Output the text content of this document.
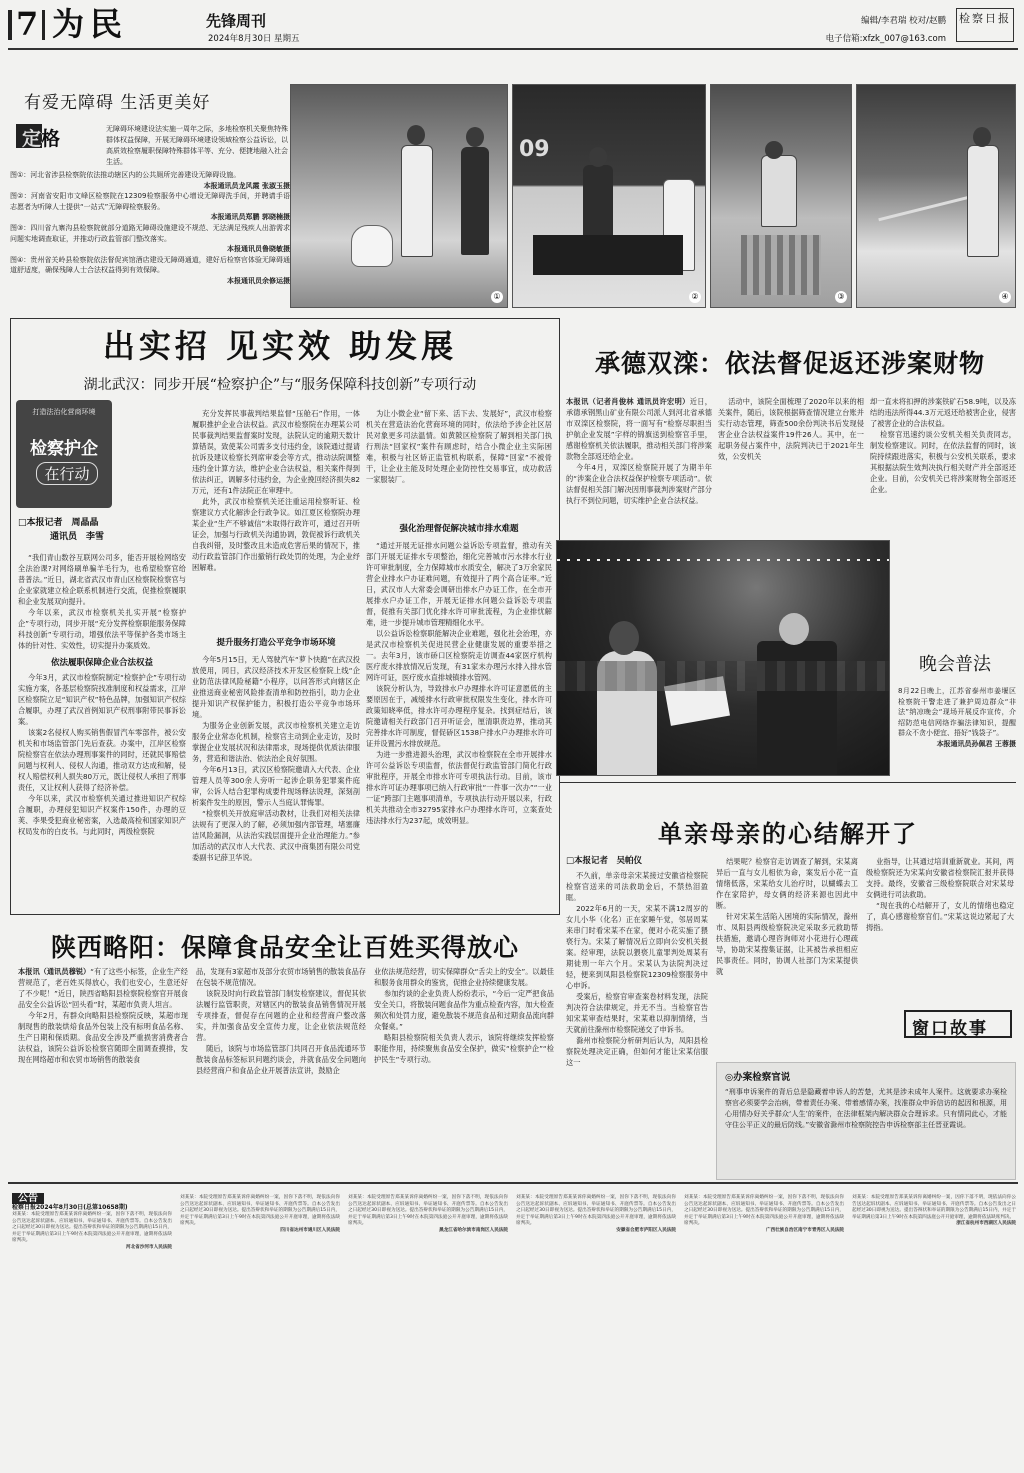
7 为民	先锋周刊
2024年8月30日 星期五
编辑/李君瑞 校对/赵鹏
电子信箱:xfzk_007@163.com
检察日报
有爱无障碍 生活更美好
定格	无障碍环境建设法实施一周年之际，多地检察机关聚焦特殊群体权益保障，开展无障碍环境建设领域检察公益诉讼，以高质效检察履职保障特殊群体平等、充分、便捷地融入社会生活。
图①：河北省涉县检察院依法推动辖区内的公共厕所完善建设无障碍设施。
本报通讯员龙风霞 张淑玉摄
图②：河南省安阳市文峰区检察院在12309检察服务中心增设无障碍洗手间，并聘请手语志愿者为听障人士提供“一站式”无障碍检察服务。
本报通讯员郑鹏 郭晓楠摄
图③：四川省九寨沟县检察院就部分道路无障碍设施建设不规范、无法满足残疾人出游需求问题实地调查取证，并推动行政监管部门整改落实。
本报通讯员鲁晓敏摄
图④：贵州省关岭县检察院依法督促宾馆酒店建设无障碍通道，建好后检察官体验无障碍通道舒适度，确保残障人士合法权益得到有效保障。
本报通讯员余修运摄
①
09
②	③	④
出实招 见实效 助发展
湖北武汉：同步开展“检察护企”与“服务保障科技创新”专项行动
打造法治化营商环境
检察护企
在行动
□本报记者　周晶晶
通讯员　李雪

“我们青山数谷互联网公司多，能否开展检网络安全法治课?对网络刷单骗羊毛行为，也希望检察官给普普法。”近日，湖北省武汉市青山区检察院检察官与企业家就建立检企联系机制进行交流，促推检察履职和企业发展双向提升。

今年以来，武汉市检察机关扎实开展“检察护企”专项行动，同步开展“充分发挥检察职能服务保障科技创新”专项行动，增强依法平等保护各类市场主体的针对性、实效性，切实提升办案质效。

依法履职保障企业合法权益

今年3月，武汉市检察院制定“检察护企”专项行动实施方案，各基层检察院找准制度和权益需求，江岸区检察院立足“知识产权”特色品牌，加强知识产权综合履职，办理了武汉首例知识产权刑事附带民事诉讼案。

该案2名侵权人购买销售假冒汽车零部件，被公安机关和市场监管部门先后查获。办案中，江岸区检察院检察官在依法办理刑事案件的同时，还就民事赔偿问题与权利人、侵权人沟通，推动双方达成和解，侵权人赔偿权利人损失80万元，既让侵权人承担了刑事责任，又让权利人获得了经济补偿。

今年以来，武汉市检察机关通过推进知识产权综合履职，办理侵犯知识产权案件150件，办理的豆荚、李果受犯商业秘密案，入选最高检和国家知识产权局发布的白皮书。与此同时，两级检察院

充分发挥民事裁判结果监督“压舱石”作用，一体履职推护企业合法权益。武汉市检察院在办理某公司民事裁判结果监督案时发现，法院认定的逾期天数计算错误，致使某公司需多支付违约金，该院通过提请抗诉及建议检察长列席审委会等方式，推动法院调整违约金计算方法，维护企业合法权益，相关案件得到依法纠正，调解多付违约金，为企业挽回经济损失82万元，还有1件法院正在审理中。

此外，武汉市检察机关还注重运用检察听证、检察建议方式化解涉企行政争议。如江夏区检察院办理某企业“生产不够诚信”未取得行政许可，通过召开听证会，加强与行政机关沟通协调，敦促被诉行政机关自我纠错，及时整改且未造成危害后果的情况下，推动行政监管部门作出撤销行政处罚的处理，为企业纾困解难。

提升服务打造公平竞争市场环境

今年5月15日，无人驾驶汽车“萝卜快跑”在武汉投放使用，同日，武汉经济技术开发区检察院上线“企业防范法律风险秘籍”小程序，以问答形式向辖区企业推送商业秘密风险排查清单和防控指引，助力企业提升知识产权保护能力，积极打造公平竞争市场环境。

为服务企业创新发展，武汉市检察机关建立走访服务企业常态化机制，检察官主动到企业走访，及时掌握企业发展状况和法律需求，现场提供优质法律服务，营造和谐法治、依法治企良好氛围。

今年6月13日，武汉区检察院邀请入大代表、企业管理人员等300余人旁听一起涉企职务犯罪案件庭审，公诉人结合犯罪构成要件现场释法说理，深刻剖析案件发生的原因，警示人当庭认罪悔罪。

“检察机关开放庭审活动教材，让我们对相关法律法规有了更深入的了解，必须加强内部管理，堵塞廉洁风险漏洞，从法治实践层面提升企业治理能力。”参加活动的武汉市人大代表、武汉中商集团有限公司党委副书记薛卫华说。

为让小微企业“留下来、活下去、发展好”，武汉市检察机关在营造法治化营商环境的同时，依法给予涉企社区居民对象更多司法温情。如黄陂区检察院了解到相关部门执行刑法“回家权”案件有顾虑时，结合小微企业主实际困难，积极与社区矫正监管机构联系，保障“回家”不被骨干，让企业主能及时处理企业防控性交易事宜，成功救活一家服装厂。

强化治理督促解决城市排水难题

“通过开展无证排水问题公益诉讼专项监督，推动有关部门开展无证排水专项整治，细化完善城市污水排水行业许可审批制度，全力保障城市水质安全，解决了3万余家民营企业排水户办证难问题，有效提升了两个高合证率。”近日，武汉市人大常委会调研出排水户办证工作，在全市开展排水户办证工作，开展无证排水问题公益诉讼专项监督，促推有关部门优化排水许可审批流程，为企业排忧解难，进一步提升城市管理精细化水平。

以公益诉讼检察职能解决企业难题，强化社会治理，亦是武汉市检察机关促进民营企业健康发展的重要举措之一。去年3月，该市硚口区检察院走访调查44家医疗机构医疗废水排放情况后发现，有31家未办理污水排入排水管网许可证，医疗废水直排城镇排水管网。

该院分析认为，导致排水户办理排水许可证意愿低的主要原因在于，减缓排水行政审批权限发生变化，排水许可政策知晓率低，排水许可办理程序复杂。找到症结后，该院邀请相关行政部门召开听证会，厘清职责边界，推动其完善排水许可制度，督促硚区1538户排水户办理排水许可证并设置污水排放规范。

为进一步推进源头治理，武汉市检察院在全市开展排水许可公益诉讼专项监督，依法督促行政监管部门简化行政审批程序，开展全市排水许可专项执法行动。目前，该市排水许可证办理事项已纳入行政审批“一件事一次办”“一业一证”跨部门主题事项清单，专项执法行动开展以来，行政机关共推动全市32795家排水户办理排水许可，立案查处违法排水行为237起，成效明显。

承德双滦：依法督促返还涉案财物
本报讯（记者肖俊林 通讯员许宏明）近日，承德承钢黑山矿业有限公司派人到河北省承德市双滦区检察院，将一面写有“检察尽职担当 护航企业发展”字样的锦旗送到检察官手里，感谢检察机关依法履职，推动相关部门将涉案款物全部返还给企业。

今年4月，双滦区检察院开展了为期半年的“涉案企业合法权益保护检察专项活动”。依法督促相关部门解决因刑事裁判涉案财产部分执行不到位问题，切实维护企业合法权益。

活动中，该院全面梳理了2020年以来的相关案件，随后，该院根据筛查情况建立台账并实行动态管理，筛查500余份判决书后发现侵害企业合法权益案件19件26人。其中，在一起职务侵占案件中，法院判决已于2021年生效，公安机关

却一直未将扣押的涉案铁矿石58.9吨，以及冻结的违法所得44.3万元返还给被害企业，侵害了被害企业的合法权益。

检察官迅速约谈公安机关相关负责同志，制发检察建议。同时，在依法监督的同时，该院持续跟进落实，积极与公安机关联系，要求其根据法院生效判决执行相关财产并全部返还企业。目前，公安机关已将涉案财物全部返还企业。

晚会普法
8月22日晚上，江苏省泰州市姜堰区检察院干警走进了兼护周边群众“非法”纳凉晚会“现场开展反诈宣传，介绍防范电信网络诈骗法律知识，提醒群众不贪小便宜、捂好“钱袋子”。
本报通讯员孙佩君 王蓉摄
单亲母亲的心结解开了
□本报记者　吴帕仪

不久前，单亲母亲宋某接过安徽省检察院检察官送来的司法救助金后，不禁热泪盈眶。

2022年6月的一天，宋某不满12周岁的女儿小华（化名）正在家睡午觉，邻居周某来串门时看宋某不在家，便对小花实施了猥亵行为。宋某了解情况后立即向公安机关报案。经审理，法院以猥亵儿童罪判处周某有期徒刑一年六个月。宋某认为法院判决过轻，便来到凤阳县检察院12309检察服务中心申诉。

受案后，检察官审查案卷材料发现，法院判决符合法律规定，并无不当。当检察官告知宋某审查结果时，宋某难以抑制情绪，当天就前往滁州市检察院递交了申诉书。

滁州市检察院分析研判后认为，凤阳县检察院处理决定正确，但如何才能让宋某信服这一

结果呢？检察官走访调查了解到，宋某离异后一直与女儿相依为命，案发后小花一直情绪低落，宋某给女儿治疗时，以蝴蝶去工作在家陪护，母女俩的经济来源也因此中断。

针对宋某生活陷入困境的实际情况，滁州市、凤阳县两级检察院决定采取多元救助帮扶措施，邀请心理咨询师对小花进行心理疏导，协助宋某搜集证据，让其被告承担相应民事责任。同时，协调人社部门为宋某提供就

业指导，让其通过培训重新就业。其间，两级检察院还为宋某向安徽省检察院汇报并获得支持。最终，安徽省三级检察院联合对宋某母女俩进行司法救助。

“现在我的心结解开了，女儿的情绪也稳定了，真心感谢检察官们。”宋某这说边紧起了大拇指。

窗口故事
◎办案检察官说
“刑事申诉案件的背后总是隐藏着申诉人的苦楚，尤其是涉未成年人案件。这就要求办案检察官必须要学会治病，带着责任办案、带着感情办案，找准群众申诉信访的起因和根源，用心用情办好关乎群众‘人生’的案件，在法律框架内解决群众合理诉求。只有情同此心，才能守住公平正义的最后防线。”安徽省滁州市检察院控告申诉检察部主任晋亚霞说。
陕西略阳：保障食品安全让百姓买得放心
本报讯（通讯员穆锐）“有了这些小标签，企业生产经营规范了，老百姓买得放心，我们也安心，生意还好了不少呢！”近日，陕西省略阳县检察院检察官开展食品安全公益诉讼“回头看”时，某超市负责人坦言。

今年2月，有群众向略阳县检察院反映，某超市现制现售的散装烘焙食品外包装上没有标明食品名称、生产日期和保质期。食品安全涉及严重损害消费者合法权益，该院公益诉讼检察官随即全面调查摸排，发现在网络超市和农贸市场销售的散装食

品，发现有3家超市及部分农贸市场销售的散装食品存在包装不规范情况。

该院及时向行政监管部门制发检察建议，督促其依法履行监管职责，对辖区内的散装食品销售情况开展专项排查，督促存在问题的企业和经营商户整改落实，并加强食品安全宣传力度，让企业依法规范经营。

随后，该院与市场监管部门共同召开食品流通环节散装食品标签标识问题约谈会，并就食品安全问题向县经营商户和食品企业开展普法宣讲，鼓励企

业依法规范经营，切实保障群众“舌尖上的安全”。以最佳和服务食用群众的鉴赏，促推企业持续健康发展。

参加约谈的企业负责人纷纷表示，“今后一定严把食品安全关口，将散装问题食品作为重点检查内容，加大检查频次和处罚力度，避免散装不规范食品和过期食品流向群众餐桌。”

略阳县检察院相关负责人表示，该院将继续发挥检察职能作用，持续聚焦食品安全保护，做实“检察护企”“检护民生”专项行动。

公告
检察日报2024年8月30日(总第10658期)
刘某某：本院受理原告郑某某诉你离婚纠纷一案，因你下落不明，现依法向你公告送达起诉状副本、应诉通知书、举证通知书、开庭传票等。自本公告发出之日起经过30日即视为送达。提出答辩状和举证的期限为公告期满后15日内，并定于举证期满后第3日上午9时在本院第四法庭公开开庭审理，逾期将依法缺席判决。
河北省沙河市人民法院
刘某某：本院受理原告郑某某诉你离婚纠纷一案，因你下落不明，现依法向你公告送达起诉状副本、应诉通知书、举证通知书、开庭传票等。自本公告发出之日起经过30日即视为送达。提出答辩状和举证的期限为公告期满后15日内，并定于举证期满后第3日上午9时在本院第四法庭公开开庭审理，逾期将依法缺席判决。
四川省达州市通川区人民法院
刘某某：本院受理原告郑某某诉你离婚纠纷一案，因你下落不明，现依法向你公告送达起诉状副本、应诉通知书、举证通知书、开庭传票等。自本公告发出之日起经过30日即视为送达。提出答辩状和举证的期限为公告期满后15日内，并定于举证期满后第3日上午9时在本院第四法庭公开开庭审理，逾期将依法缺席判决。
黑龙江省哈尔滨市南岗区人民法院
刘某某：本院受理原告郑某某诉你离婚纠纷一案，因你下落不明，现依法向你公告送达起诉状副本、应诉通知书、举证通知书、开庭传票等。自本公告发出之日起经过30日即视为送达。提出答辩状和举证的期限为公告期满后15日内，并定于举证期满后第3日上午9时在本院第四法庭公开开庭审理，逾期将依法缺席判决。
安徽省合肥市庐阳区人民法院
刘某某：本院受理原告郑某某诉你离婚纠纷一案，因你下落不明，现依法向你公告送达起诉状副本、应诉通知书、举证通知书、开庭传票等。自本公告发出之日起经过30日即视为送达。提出答辩状和举证的期限为公告期满后15日内，并定于举证期满后第3日上午9时在本院第四法庭公开开庭审理，逾期将依法缺席判决。
广西壮族自治区南宁市青秀区人民法院
刘某某：本院受理原告郑某某诉你离婚纠纷一案，因你下落不明，现依法向你公告送达起诉状副本、应诉通知书、举证通知书、开庭传票等。自本公告发出之日起经过30日即视为送达。提出答辩状和举证的期限为公告期满后15日内，并定于举证期满后第3日上午9时在本院第四法庭公开开庭审理，逾期将依法缺席判决。
浙江省杭州市西湖区人民法院
